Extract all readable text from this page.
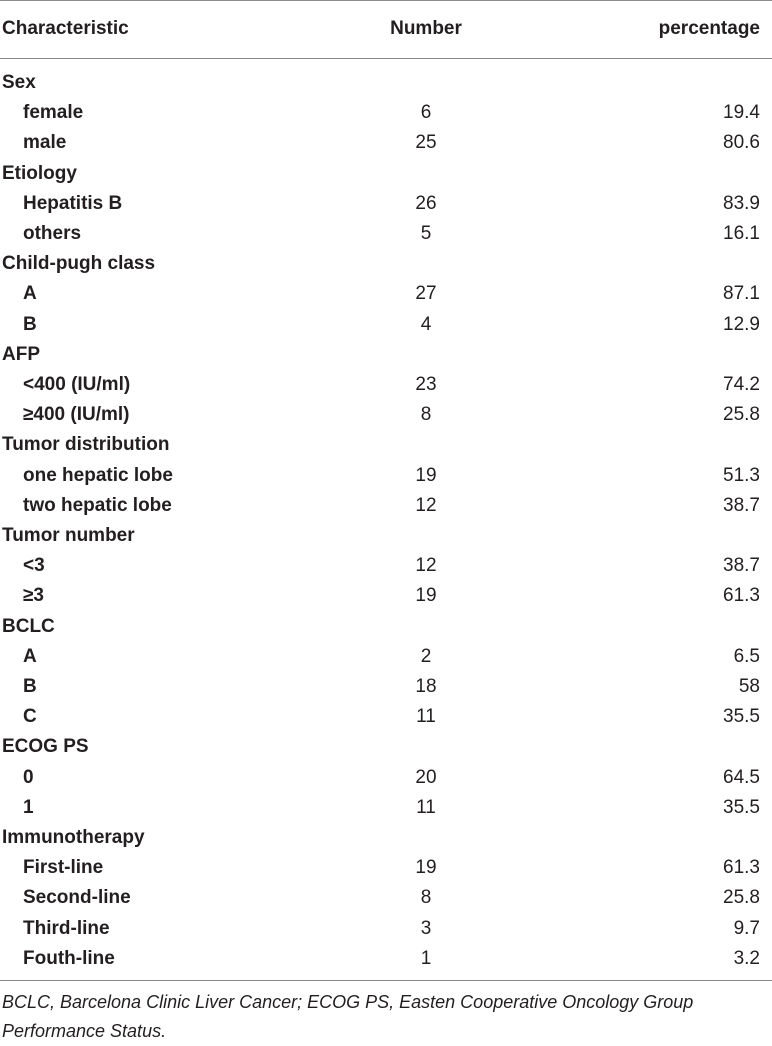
Characteristic	Number	percentage
Sex
female	6	19.4
male	25	80.6
Etiology
Hepatitis B	26	83.9
others	5	16.1
Child-pugh class
A	27	87.1
B	4	12.9
AFP
<400 (IU/ml)	23	74.2
≥400 (IU/ml)	8	25.8
Tumor distribution
one hepatic lobe	19	51.3
two hepatic lobe	12	38.7
Tumor number
<3	12	38.7
≥3	19	61.3
BCLC
A	2	6.5
B	18	58
C	11	35.5
ECOG PS
0	20	64.5
1	11	35.5
Immunotherapy
First-line	19	61.3
Second-line	8	25.8
Third-line	3	9.7
Fouth-line	1	3.2
BCLC, Barcelona Clinic Liver Cancer; ECOG PS, Easten Cooperative Oncology Group Performance Status.
